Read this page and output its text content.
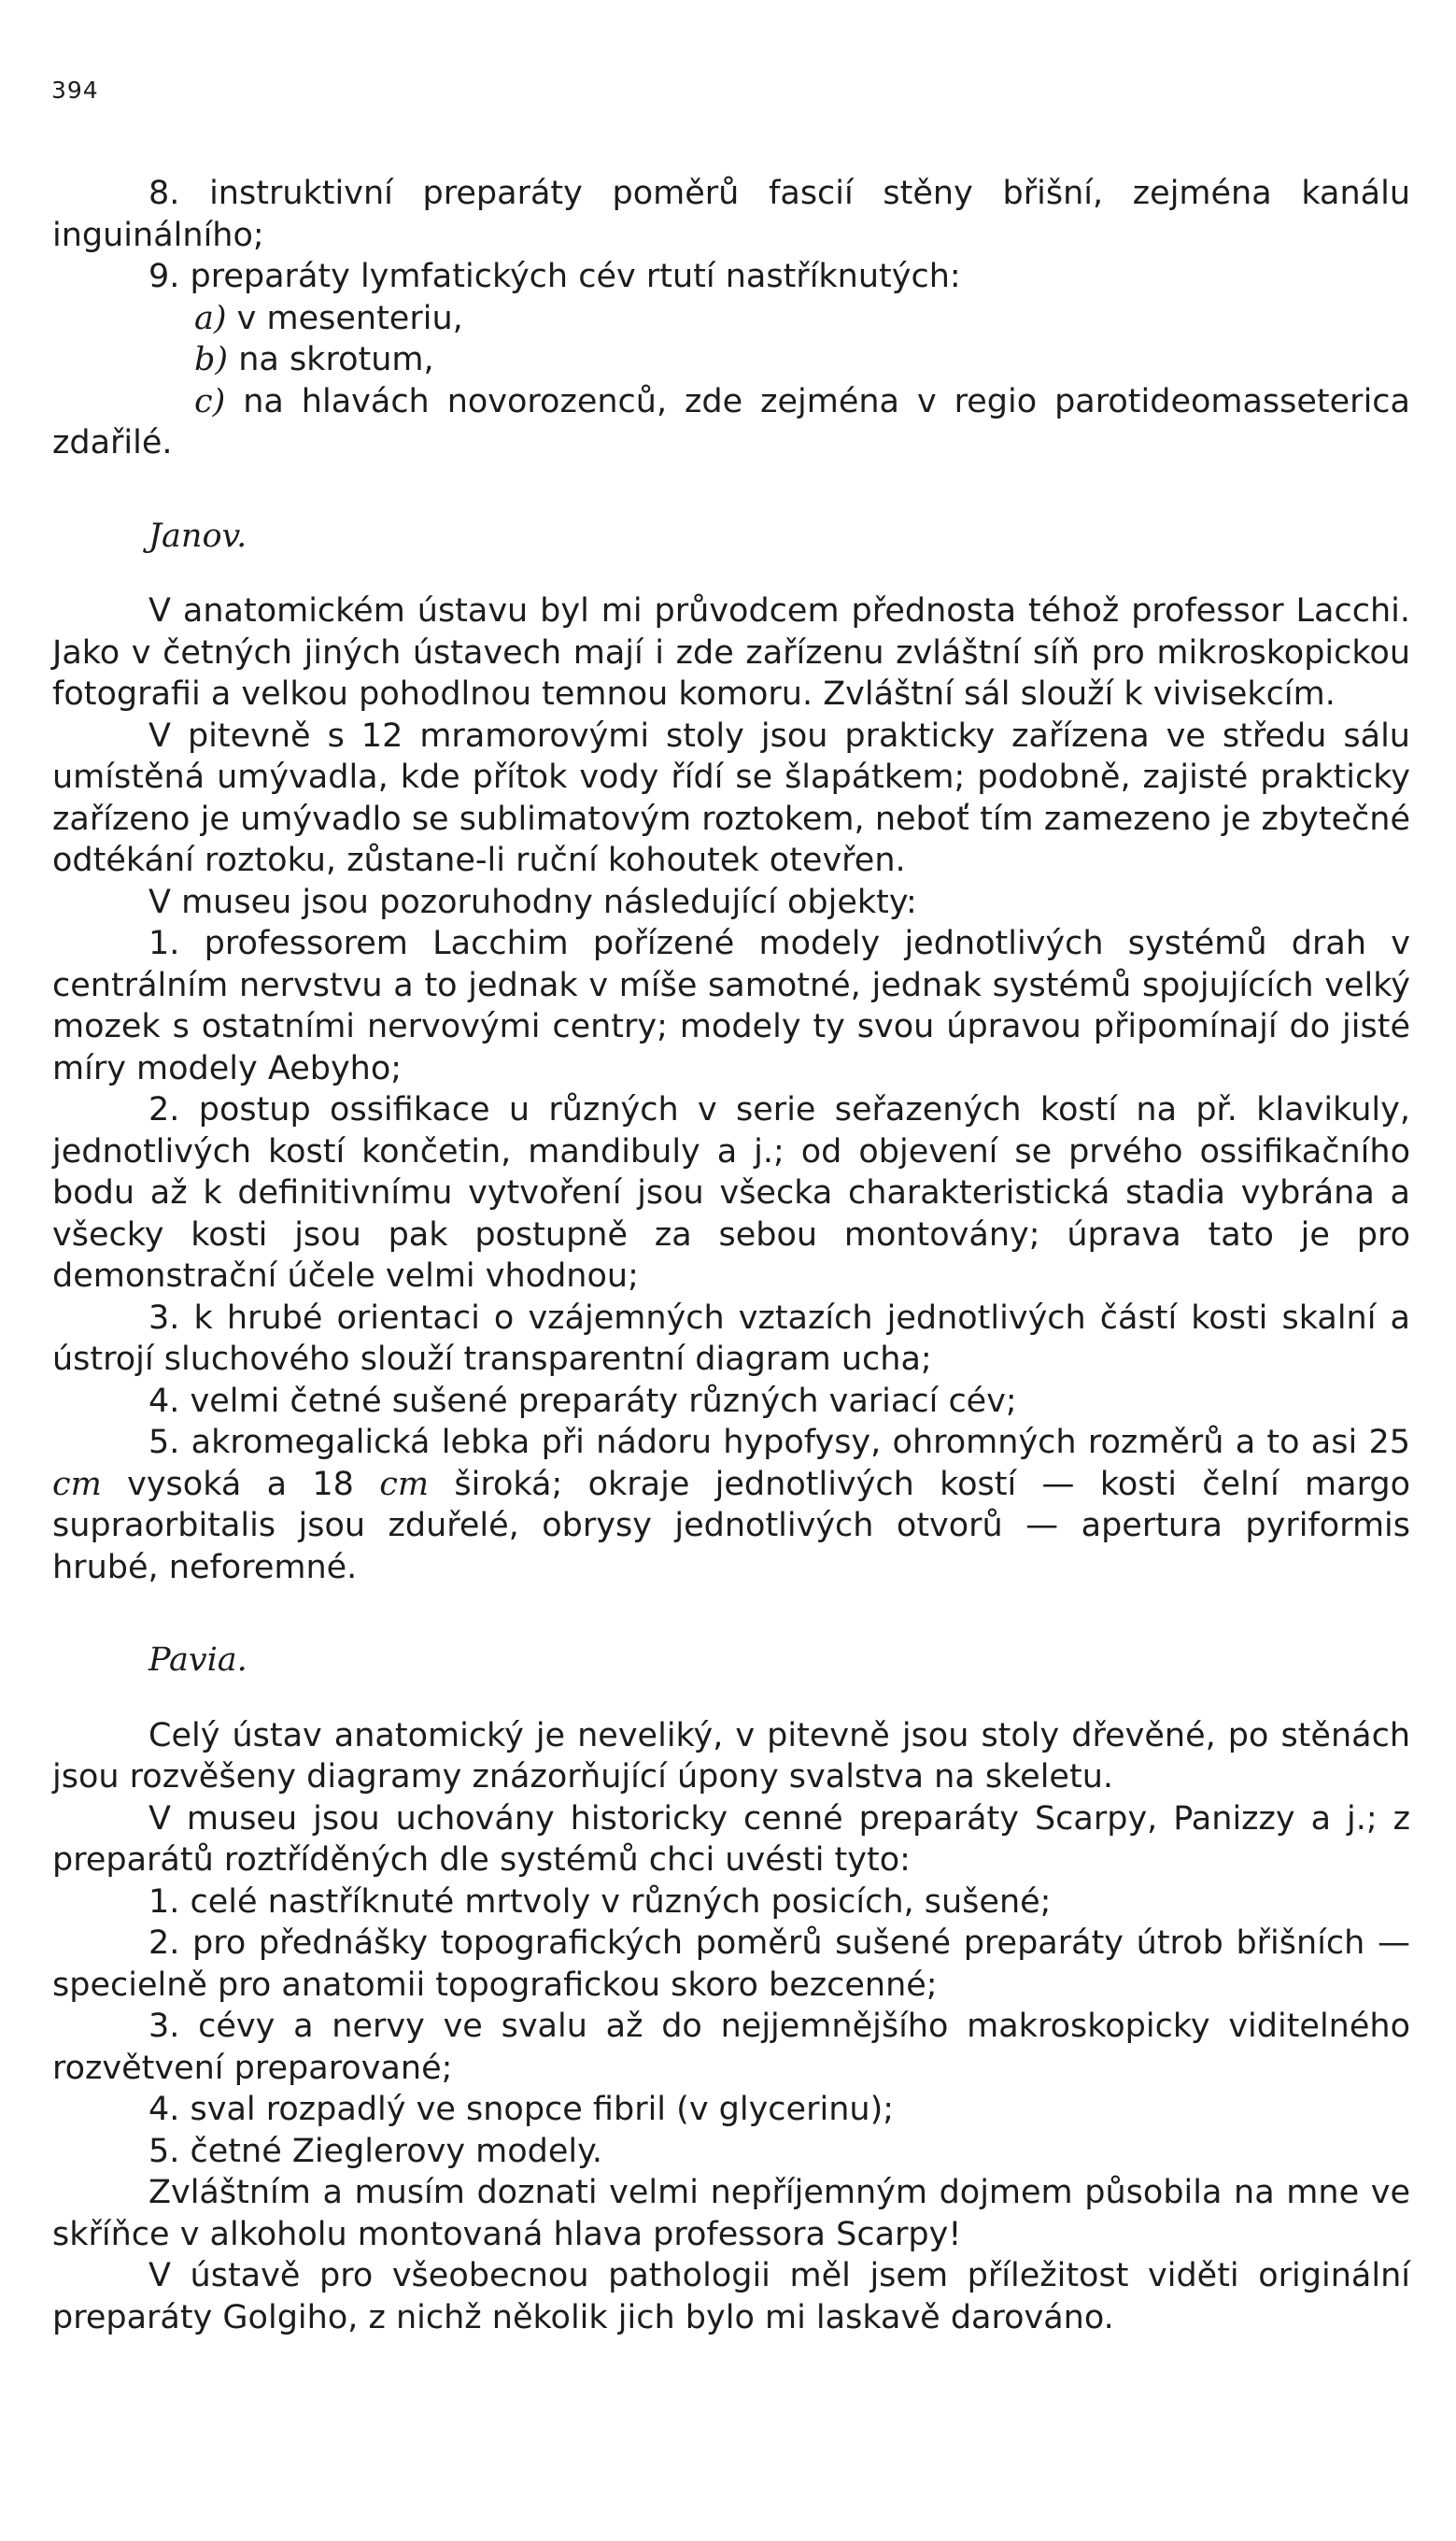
394

8. instruktivní preparáty poměrů fascií stěny břišní, zejména kanálu inguinálního;

9. preparáty lymfatických cév rtutí nastříknutých:

a) v mesenteriu,

b) na skrotum,

c) na hlavách novorozenců, zde zejména v regio parotideomasseterica zdařilé.

Janov.

V anatomickém ústavu byl mi průvodcem přednosta téhož professor Lacchi. Jako v četných jiných ústavech mají i zde zařízenu zvláštní síň pro mikroskopickou fotografii a velkou pohodlnou temnou komoru. Zvláštní sál slouží k vivisekcím.

V pitevně s 12 mramorovými stoly jsou prakticky zařízena ve středu sálu umístěná umývadla, kde přítok vody řídí se šlapátkem; podobně, zajisté prakticky zařízeno je umývadlo se sublimatovým roztokem, neboť tím zamezeno je zbytečné odtékání roztoku, zůstane-li ruční kohoutek otevřen.

V museu jsou pozoruhodny následující objekty:

1. professorem Lacchim pořízené modely jednotlivých systémů drah v centrálním nervstvu a to jednak v míše samotné, jednak systémů spojujících velký mozek s ostatními nervovými centry; modely ty svou úpravou připomínají do jisté míry modely Aebyho;

2. postup ossifikace u různých v serie seřazených kostí na př. klavikuly, jednotlivých kostí končetin, mandibuly a j.; od objevení se prvého ossifikačního bodu až k definitivnímu vytvoření jsou všecka charakteristická stadia vybrána a všecky kosti jsou pak postupně za sebou montovány; úprava tato je pro demonstrační účele velmi vhodnou;

3. k hrubé orientaci o vzájemných vztazích jednotlivých částí kosti skalní a ústrojí sluchového slouží transparentní diagram ucha;

4. velmi četné sušené preparáty různých variací cév;

5. akromegalická lebka při nádoru hypofysy, ohromných rozměrů a to asi 25 cm vysoká a 18 cm široká; okraje jednotlivých kostí — kosti čelní margo supraorbitalis jsou zduřelé, obrysy jednotlivých otvorů — apertura pyriformis hrubé, neforemné.

Pavia.

Celý ústav anatomický je neveliký, v pitevně jsou stoly dřevěné, po stěnách jsou rozvěšeny diagramy znázorňující úpony svalstva na skeletu.

V museu jsou uchovány historicky cenné preparáty Scarpy, Panizzy a j.; z preparátů roztříděných dle systémů chci uvésti tyto:

1. celé nastříknuté mrtvoly v různých posicích, sušené;

2. pro přednášky topografických poměrů sušené preparáty útrob břišních — specielně pro anatomii topografickou skoro bezcenné;

3. cévy a nervy ve svalu až do nejjemnějšího makroskopicky viditelného rozvětvení preparované;

4. sval rozpadlý ve snopce fibril (v glycerinu);

5. četné Zieglerovy modely.

Zvláštním a musím doznati velmi nepříjemným dojmem působila na mne ve skříňce v alkoholu montovaná hlava professora Scarpy!

V ústavě pro všeobecnou pathologii měl jsem příležitost viděti originální preparáty Golgiho, z nichž několik jich bylo mi laskavě darováno.
